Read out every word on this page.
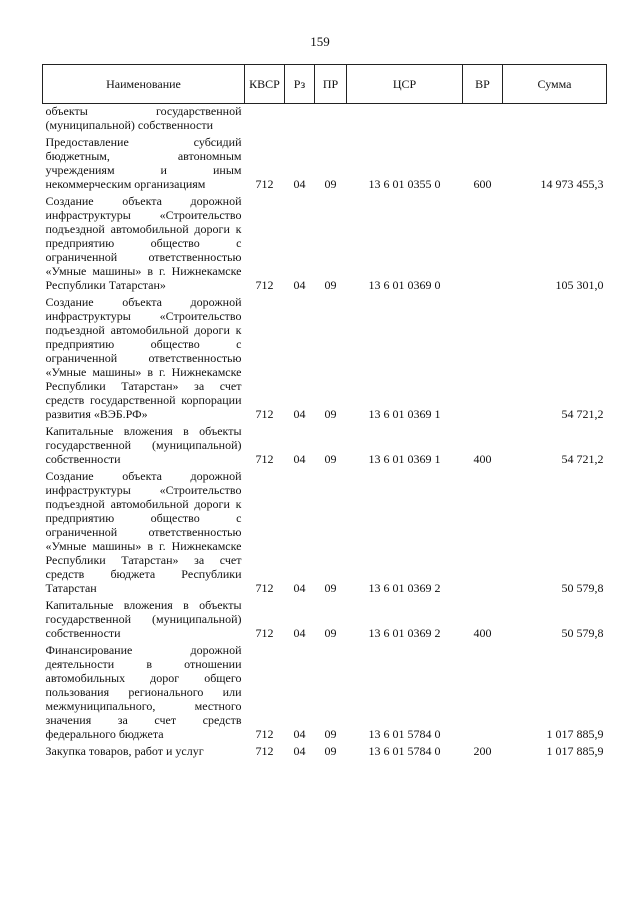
159
Наименование	КВСР	Рз	ПР	ЦСР	ВР	Сумма
объекты государственной (муниципальной) собственности						
Предоставление субсидий бюджетным, автономным учреждениям и иным некоммерческим организациям	712	04	09	13 6 01 0355 0	600	14 973 455,3
Создание объекта дорожной инфраструктуры «Строительство подъездной автомобильной дороги к предприятию общество с ограниченной ответственностью «Умные машины» в г. Нижнекамске Республики Татарстан»	712	04	09	13 6 01 0369 0		105 301,0
Создание объекта дорожной инфраструктуры «Строительство подъездной автомобильной дороги к предприятию общество с ограниченной ответственностью «Умные машины» в г. Нижнекамске Республики Татарстан» за счет средств государственной корпорации развития «ВЭБ.РФ»	712	04	09	13 6 01 0369 1		54 721,2
Капитальные вложения в объекты государственной (муниципальной) собственности	712	04	09	13 6 01 0369 1	400	54 721,2
Создание объекта дорожной инфраструктуры «Строительство подъездной автомобильной дороги к предприятию общество с ограниченной ответственностью «Умные машины» в г. Нижнекамске Республики Татарстан» за счет средств бюджета Республики Татарстан	712	04	09	13 6 01 0369 2		50 579,8
Капитальные вложения в объекты государственной (муниципальной) собственности	712	04	09	13 6 01 0369 2	400	50 579,8
Финансирование дорожной деятельности в отношении автомобильных дорог общего пользования регионального или межмуниципального, местного значения за счет средств федерального бюджета	712	04	09	13 6 01 5784 0		1 017 885,9
Закупка товаров, работ и услуг	712	04	09	13 6 01 5784 0	200	1 017 885,9
